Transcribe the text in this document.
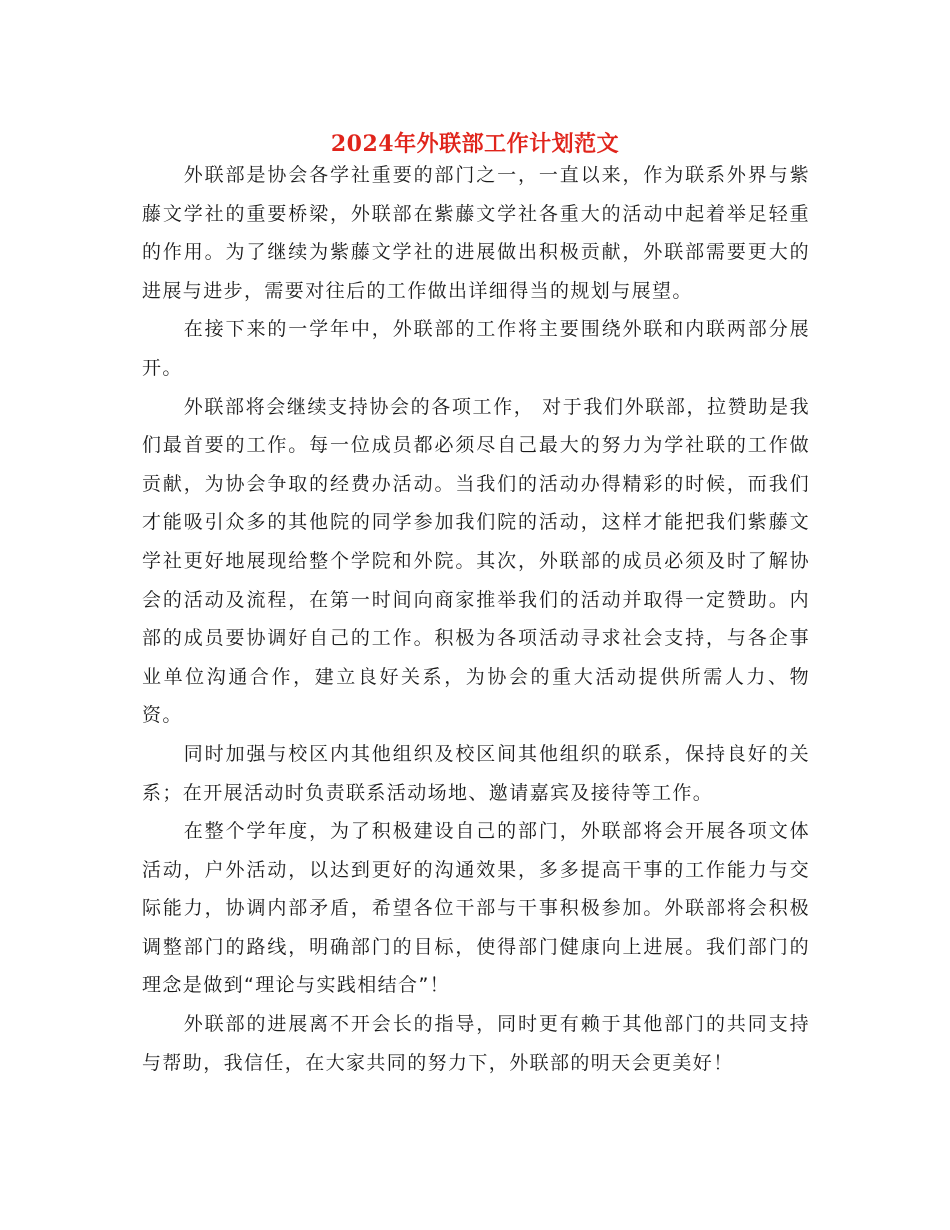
2024年外联部工作计划范文

外联部是协会各学社重要的部门之一，一直以来，作为联系外界与紫藤文学社的重要桥梁，外联部在紫藤文学社各重大的活动中起着举足轻重的作用。为了继续为紫藤文学社的进展做出积极贡献，外联部需要更大的进展与进步，需要对往后的工作做出详细得当的规划与展望。

在接下来的一学年中，外联部的工作将主要围绕外联和内联两部分展开。

外联部将会继续支持协会的各项工作， 对于我们外联部，拉赞助是我们最首要的工作。每一位成员都必须尽自己最大的努力为学社联的工作做贡献，为协会争取的经费办活动。当我们的活动办得精彩的时候，而我们才能吸引众多的其他院的同学参加我们院的活动，这样才能把我们紫藤文学社更好地展现给整个学院和外院。其次，外联部的成员必须及时了解协会的活动及流程，在第一时间向商家推举我们的活动并取得一定赞助。内部的成员要协调好自己的工作。积极为各项活动寻求社会支持，与各企事业单位沟通合作，建立良好关系，为协会的重大活动提供所需人力、物资。

同时加强与校区内其他组织及校区间其他组织的联系，保持良好的关系；在开展活动时负责联系活动场地、邀请嘉宾及接待等工作。

在整个学年度，为了积极建设自己的部门，外联部将会开展各项文体活动，户外活动，以达到更好的沟通效果，多多提高干事的工作能力与交际能力，协调内部矛盾，希望各位干部与干事积极参加。外联部将会积极调整部门的路线，明确部门的目标，使得部门健康向上进展。我们部门的理念是做到“理论与实践相结合”！

外联部的进展离不开会长的指导，同时更有赖于其他部门的共同支持与帮助，我信任，在大家共同的努力下，外联部的明天会更美好！
